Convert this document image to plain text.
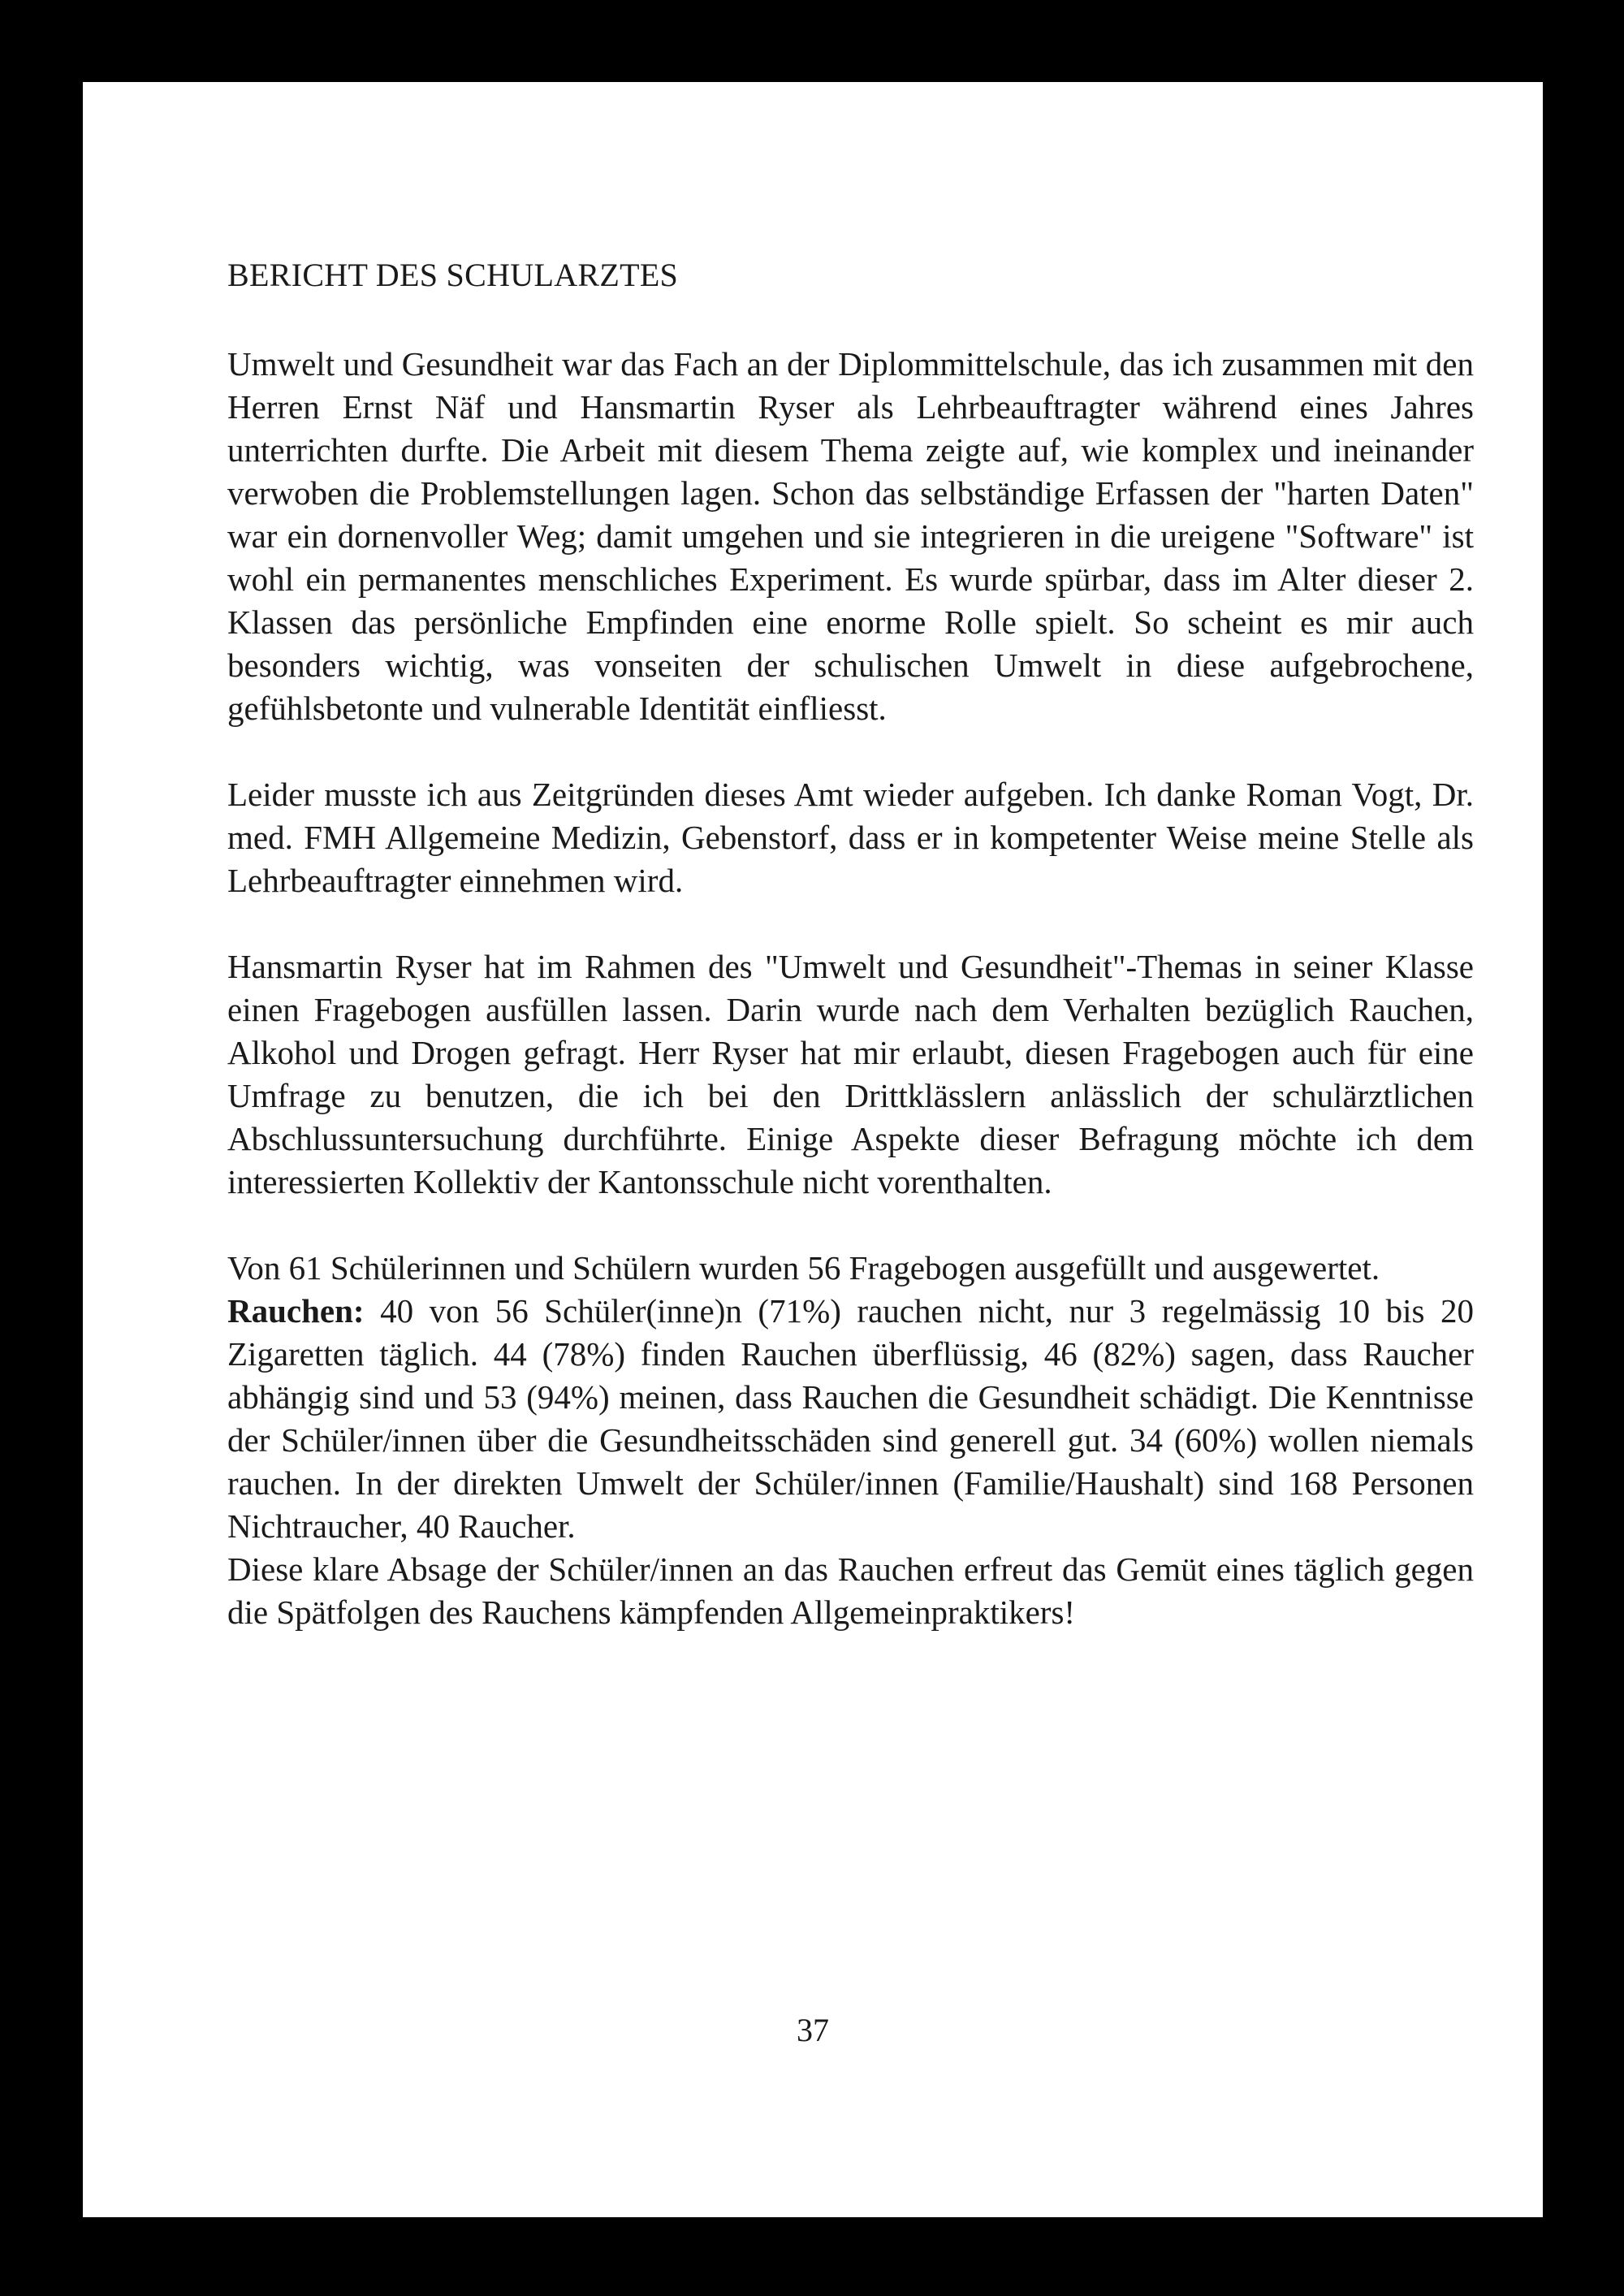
BERICHT DES SCHULARZTES

Umwelt und Gesundheit war das Fach an der Diplommittelschule, das ich zusammen mit den Herren Ernst Näf und Hansmartin Ryser als Lehrbeauftragter während eines Jahres unterrichten durfte. Die Arbeit mit diesem Thema zeigte auf, wie komplex und ineinander verwoben die Problemstellungen lagen. Schon das selbständige Erfassen der "harten Daten" war ein dornenvoller Weg; damit umgehen und sie integrieren in die ureigene "Software" ist wohl ein permanentes menschliches Experiment. Es wurde spürbar, dass im Alter dieser 2. Klassen das persönliche Empfinden eine enorme Rolle spielt. So scheint es mir auch besonders wichtig, was vonseiten der schulischen Umwelt in diese aufgebrochene, gefühlsbetonte und vulnerable Identität einfliesst.

Leider musste ich aus Zeitgründen dieses Amt wieder aufgeben. Ich danke Roman Vogt, Dr. med. FMH Allgemeine Medizin, Gebenstorf, dass er in kompetenter Weise meine Stelle als Lehrbeauftragter einnehmen wird.

Hansmartin Ryser hat im Rahmen des "Umwelt und Gesundheit"-Themas in seiner Klasse einen Fragebogen ausfüllen lassen. Darin wurde nach dem Verhalten bezüglich Rauchen, Alkohol und Drogen gefragt. Herr Ryser hat mir erlaubt, diesen Fragebogen auch für eine Umfrage zu benutzen, die ich bei den Drittklässlern anlässlich der schulärztlichen Abschlussuntersuchung durchführte. Einige Aspekte dieser Befragung möchte ich dem interessierten Kollektiv der Kantonsschule nicht vorenthalten.

Von 61 Schülerinnen und Schülern wurden 56 Fragebogen ausgefüllt und ausgewertet.

Rauchen: 40 von 56 Schüler(inne)n (71%) rauchen nicht, nur 3 regelmässig 10 bis 20 Zigaretten täglich. 44 (78%) finden Rauchen überflüssig, 46 (82%) sagen, dass Raucher abhängig sind und 53 (94%) meinen, dass Rauchen die Gesundheit schädigt. Die Kenntnisse der Schüler/innen über die Gesundheitsschäden sind generell gut. 34 (60%) wollen niemals rauchen. In der direkten Umwelt der Schüler/innen (Familie/Haushalt) sind 168 Personen Nichtraucher, 40 Raucher.

Diese klare Absage der Schüler/innen an das Rauchen erfreut das Gemüt eines täglich gegen die Spätfolgen des Rauchens kämpfenden Allgemeinpraktikers!

37
